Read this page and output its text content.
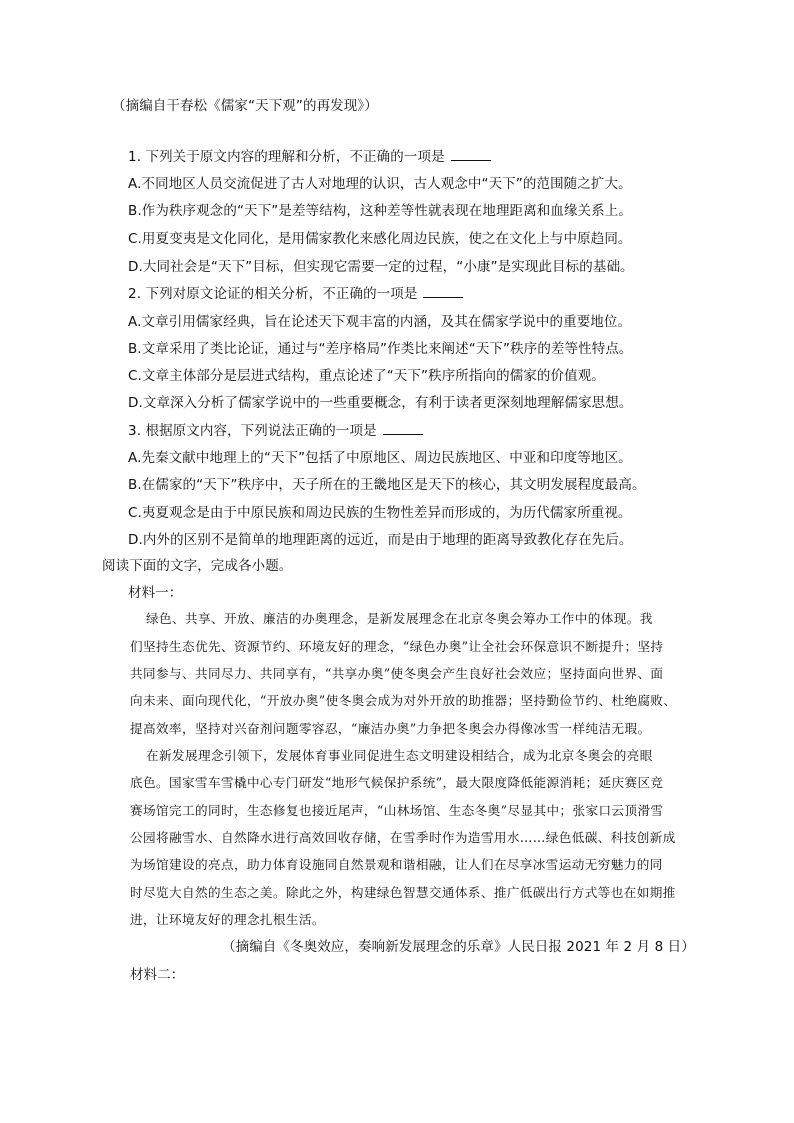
（摘编自干春松《儒家“天下观”的再发现》）
1. 下列关于原文内容的理解和分析，不正确的一项是
A.不同地区人员交流促进了古人对地理的认识，古人观念中“天下”的范围随之扩大。
B.作为秩序观念的“天下”是差等结构，这种差等性就表现在地理距离和血缘关系上。
C.用夏变夷是文化同化，是用儒家教化来感化周边民族，使之在文化上与中原趋同。
D.大同社会是“天下”目标，但实现它需要一定的过程，“小康”是实现此目标的基础。
2. 下列对原文论证的相关分析，不正确的一项是
A.文章引用儒家经典，旨在论述天下观丰富的内涵，及其在儒家学说中的重要地位。
B.文章采用了类比论证，通过与“差序格局”作类比来阐述“天下”秩序的差等性特点。
C.文章主体部分是层进式结构，重点论述了“天下”秩序所指向的儒家的价值观。
D.文章深入分析了儒家学说中的一些重要概念，有利于读者更深刻地理解儒家思想。
3. 根据原文内容，下列说法正确的一项是
A.先秦文献中地理上的“天下”包括了中原地区、周边民族地区、中亚和印度等地区。
B.在儒家的“天下”秩序中，天子所在的王畿地区是天下的核心，其文明发展程度最高。
C.夷夏观念是由于中原民族和周边民族的生物性差异而形成的，为历代儒家所重视。
D.内外的区别不是简单的地理距离的远近，而是由于地理的距离导致教化存在先后。
阅读下面的文字，完成各小题。
材料一：
绿色、共享、开放、廉洁的办奥理念，是新发展理念在北京冬奥会筹办工作中的体现。我
们坚持生态优先、资源节约、环境友好的理念，“绿色办奥”让全社会环保意识不断提升；坚持
共同参与、共同尽力、共同享有，“共享办奥”使冬奥会产生良好社会效应；坚持面向世界、面
向未来、面向现代化，“开放办奥”使冬奥会成为对外开放的助推器；坚持勤俭节约、杜绝腐败、
提高效率，坚持对兴奋剂问题零容忍，“廉洁办奥”力争把冬奥会办得像冰雪一样纯洁无瑕。
在新发展理念引领下，发展体育事业同促进生态文明建设相结合，成为北京冬奥会的亮眼
底色。国家雪车雪橇中心专门研发“地形气候保护系统”，最大限度降低能源消耗；延庆赛区竞
赛场馆完工的同时，生态修复也接近尾声，“山林场馆、生态冬奥”尽显其中；张家口云顶滑雪
公园将融雪水、自然降水进行高效回收存储，在雪季时作为造雪用水……绿色低碳、科技创新成
为场馆建设的亮点，助力体育设施同自然景观和谐相融，让人们在尽享冰雪运动无穷魅力的同
时尽览大自然的生态之美。除此之外，构建绿色智慧交通体系、推广低碳出行方式等也在如期推
进，让环境友好的理念扎根生活。
（摘编自《冬奥效应，奏响新发展理念的乐章》人民日报 2021 年 2 月 8 日）
材料二：
